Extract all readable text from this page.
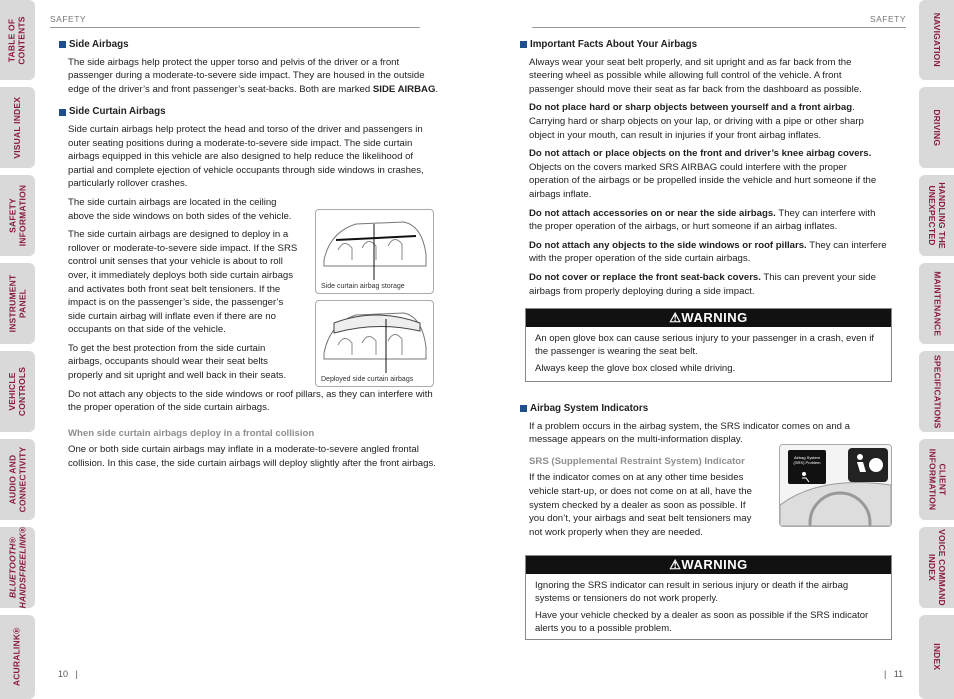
TABLE OF
CONTENTS
VISUAL INDEX
SAFETY
INFORMATION
INSTRUMENT
PANEL
VEHICLE
CONTROLS
AUDIO AND
CONNECTIVITY
BLUETOOTH®
HANDSFREELINK®
ACURALINK®
NAVIGATION
DRIVING
HANDLING THE
UNEXPECTED
MAINTENANCE
SPECIFICATIONS
CLIENT
INFORMATION
VOICE COMMAND
INDEX
INDEX
SAFETY	SAFETY
Side Airbags

The side airbags help protect the upper torso and pelvis of the driver or a front passenger during a moderate-to-severe side impact. They are housed in the outside edge of the driver’s and front passenger’s seat-backs. Both are marked SIDE AIRBAG.

Side Curtain Airbags

Side curtain airbags help protect the head and torso of the driver and passengers in outer seating positions during a moderate-to-severe side impact. The side curtain airbags equipped in this vehicle are also designed to help reduce the likelihood of partial and complete ejection of vehicle occupants through side windows in crashes, particularly rollover crashes.

The side curtain airbags are located in the ceiling above the side windows on both sides of the vehicle.

The side curtain airbags are designed to deploy in a rollover or moderate-to-severe side impact. If the SRS control unit senses that your vehicle is about to roll over, it immediately deploys both side curtain airbags and activates both front seat belt tensioners. If the impact is on the passenger’s side, the passenger’s side curtain airbag will inflate even if there are no occupants on that side of the vehicle.

To get the best protection from the side curtain airbags, occupants should wear their seat belts properly and sit upright and well back in their seats.

Do not attach any objects to the side windows or roof pillars, as they can interfere with the proper operation of the side curtain airbags.

When side curtain airbags deploy in a frontal collision

One or both side curtain airbags may inflate in a moderate-to-severe angled frontal collision. In this case, the side curtain airbags will deploy slightly after the front airbags.

Side curtain airbag storage
Deployed side curtain airbags
10   |
Important Facts About Your Airbags

Always wear your seat belt properly, and sit upright and as far back from the steering wheel as possible while allowing full control of the vehicle. A front passenger should move their seat as far back from the dashboard as possible.

Do not place hard or sharp objects between yourself and a front airbag. Carrying hard or sharp objects on your lap, or driving with a pipe or other sharp object in your mouth, can result in injuries if your front airbag inflates.

Do not attach or place objects on the front and driver’s knee airbag covers. Objects on the covers marked SRS AIRBAG could interfere with the proper operation of the airbags or be propelled inside the vehicle and hurt someone if the airbags inflate.

Do not attach accessories on or near the side airbags. They can interfere with the proper operation of the airbags, or hurt someone if an airbag inflates.

Do not attach any objects to the side windows or roof pillars. They can interfere with the proper operation of the side curtain airbags.

Do not cover or replace the front seat-back covers. This can prevent your side airbags from properly deploying during a side impact.

⚠WARNING

An open glove box can cause serious injury to your passenger in a crash, even if the passenger is wearing the seat belt.

Always keep the glove box closed while driving.

Airbag System Indicators

If a problem occurs in the airbag system, the SRS indicator comes on and a message appears on the multi-information display.

SRS (Supplemental Restraint System) Indicator

If the indicator comes on at any other time besides vehicle start-up, or does not come on at all, have the system checked by a dealer as soon as possible. If you don’t, your airbags and seat belt tensioners may not work properly when they are needed.

Airbag System
(SRS) Problem
⚠WARNING

Ignoring the SRS indicator can result in serious injury or death if the airbag systems or tensioners do not work properly.

Have your vehicle checked by a dealer as soon as possible if the SRS indicator alerts you to a possible problem.

|   11
